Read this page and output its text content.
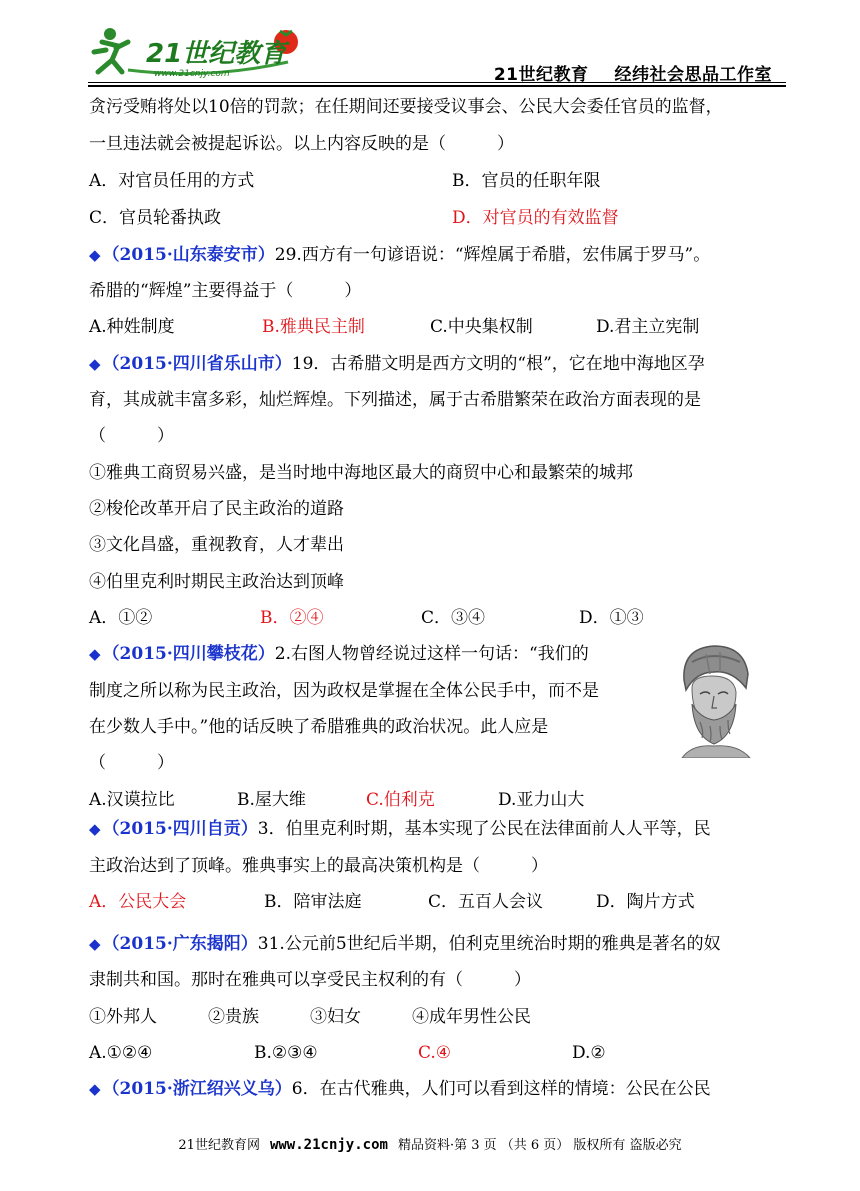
21世纪教育
www.21cnjy.com	21世纪教育 经纬社会思品工作室
贪污受贿将处以10倍的罚款；在任期间还要接受议事会、公民大会委任官员的监督，
一旦违法就会被提起诉讼。以上内容反映的是（　　　）
A．对官员任用的方式	B．官员的任职年限
C．官员轮番执政	D．对官员的有效监督
◆ （2015·山东泰安市）29.西方有一句谚语说：“辉煌属于希腊，宏伟属于罗马”。
希腊的“辉煌”主要得益于（　　　）
A.种姓制度	B.雅典民主制	C.中央集权制	D.君主立宪制
◆ （2015·四川省乐山市）19．古希腊文明是西方文明的“根”，它在地中海地区孕
育，其成就丰富多彩，灿烂辉煌。下列描述，属于古希腊繁荣在政治方面表现的是
（　　　）
①雅典工商贸易兴盛，是当时地中海地区最大的商贸中心和最繁荣的城邦
②梭伦改革开启了民主政治的道路
③文化昌盛，重视教育，人才辈出
④伯里克利时期民主政治达到顶峰
A．①②	B．②④	C．③④	D．①③
◆ （2015·四川攀枝花）2.右图人物曾经说过这样一句话：“我们的
制度之所以称为民主政治，因为政权是掌握在全体公民手中，而不是
在少数人手中。”他的话反映了希腊雅典的政治状况。此人应是
（　　　）
A.汉谟拉比	B.屋大维	C.伯利克	D.亚力山大
◆ （2015·四川自贡）3．伯里克利时期，基本实现了公民在法律面前人人平等，民
主政治达到了顶峰。雅典事实上的最高决策机构是（　　　）
A．公民大会	B．陪审法庭	C．五百人会议	D．陶片方式
◆ （2015·广东揭阳）31.公元前5世纪后半期，伯利克里统治时期的雅典是著名的奴
隶制共和国。那时在雅典可以享受民主权利的有（　　　）
①外邦人　　　②贵族　　　③妇女　　　④成年男性公民
A.①②④	B.②③④	C.④	D.②
◆ （2015·浙江绍兴义乌）6．在古代雅典，人们可以看到这样的情境：公民在公民
21世纪教育网 www.21cnjy.com 精品资料·第 3 页 （共 6 页） 版权所有 盗版必究
